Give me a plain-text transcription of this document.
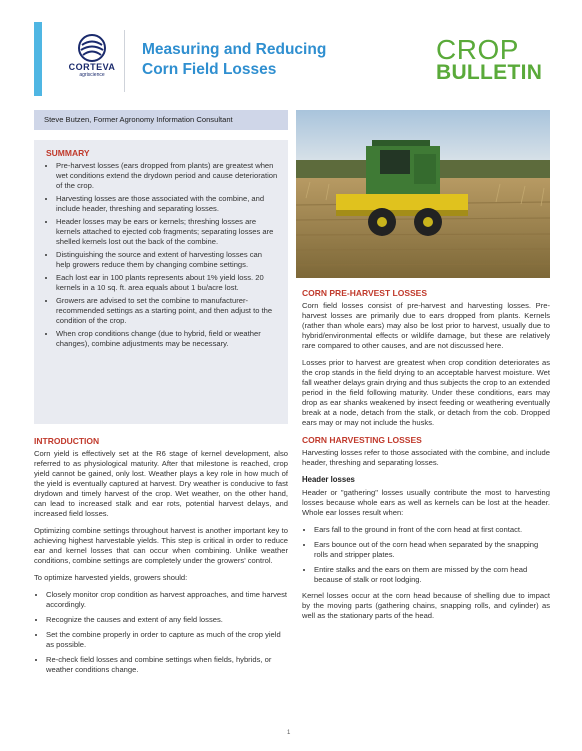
CORTEVA
agriscience
Measuring and Reducing
Corn Field Losses
CROP
BULLETIN
Steve Butzen, Former Agronomy Information Consultant
SUMMARY
• Pre-harvest losses (ears dropped from plants) are greatest when wet conditions extend the drydown period and cause deterioration of the crop.
• Harvesting losses are those associated with the combine, and include header, threshing and separating losses.
• Header losses may be ears or kernels; threshing losses are kernels attached to ejected cob fragments; separating losses are shelled kernels lost out the back of the combine.
• Distinguishing the source and extent of harvesting losses can help growers reduce them by changing combine settings.
• Each lost ear in 100 plants represents about 1% yield loss. 20 kernels in a 10 sq. ft. area equals about 1 bu/acre lost.
• Growers are advised to set the combine to manufacturer-recommended settings as a starting point, and then adjust to the condition of the crop.
• When crop conditions change (due to hybrid, field or weather changes), combine adjustments may be necessary.
INTRODUCTION

Corn yield is effectively set at the R6 stage of kernel development, also referred to as physiological maturity. After that milestone is reached, crop yield cannot be gained, only lost. Weather plays a key role in how much of the yield is eventually captured at harvest. Dry weather is conducive to fast drydown and timely harvest of the crop. Wet weather, on the other hand, can lead to increased stalk and ear rots, potential harvest delays, and increased field losses.

Optimizing combine settings throughout harvest is another important key to achieving highest harvestable yields. This step is critical in order to reduce ear and kernel losses that can occur when combining. Unlike weather conditions, combine settings are completely under the growers' control.

To optimize harvested yields, growers should:

• Closely monitor crop condition as harvest approaches, and time harvest accordingly.
• Recognize the causes and extent of any field losses.
• Set the combine properly in order to capture as much of the crop yield as possible.
• Re-check field losses and combine settings when fields, hybrids, or weather conditions change.
CORN PRE-HARVEST LOSSES

Corn field losses consist of pre-harvest and harvesting losses. Pre-harvest losses are primarily due to ears dropped from plants. Kernels (rather than whole ears) may also be lost prior to harvest, usually due to hybrid/environmental effects or wildlife damage, but these are relatively rare compared to other causes, and are not discussed here.

Losses prior to harvest are greatest when crop condition deteriorates as the crop stands in the field drying to an acceptable harvest moisture. Wet fall weather delays grain drying and thus subjects the crop to an extended period in the field following maturity. Under these conditions, ears may drop as ear shanks weakened by insect feeding or weathering eventually break at a node, detach from the stalk, or detach from the cob. Dropped ears may or may not include the husks.

CORN HARVESTING LOSSES

Harvesting losses refer to those associated with the combine, and include header, threshing and separating losses.

Header losses

Header or "gathering" losses usually contribute the most to harvesting losses because whole ears as well as kernels can be lost at the header. Whole ear losses result when:

• Ears fall to the ground in front of the corn head at first contact.
• Ears bounce out of the corn head when separated by the snapping rolls and stripper plates.
• Entire stalks and the ears on them are missed by the corn head because of stalk or root lodging.

Kernel losses occur at the corn head because of shelling due to impact by the moving parts (gathering chains, snapping rolls, and cylinder) as well as the stationary parts of the head.

1
